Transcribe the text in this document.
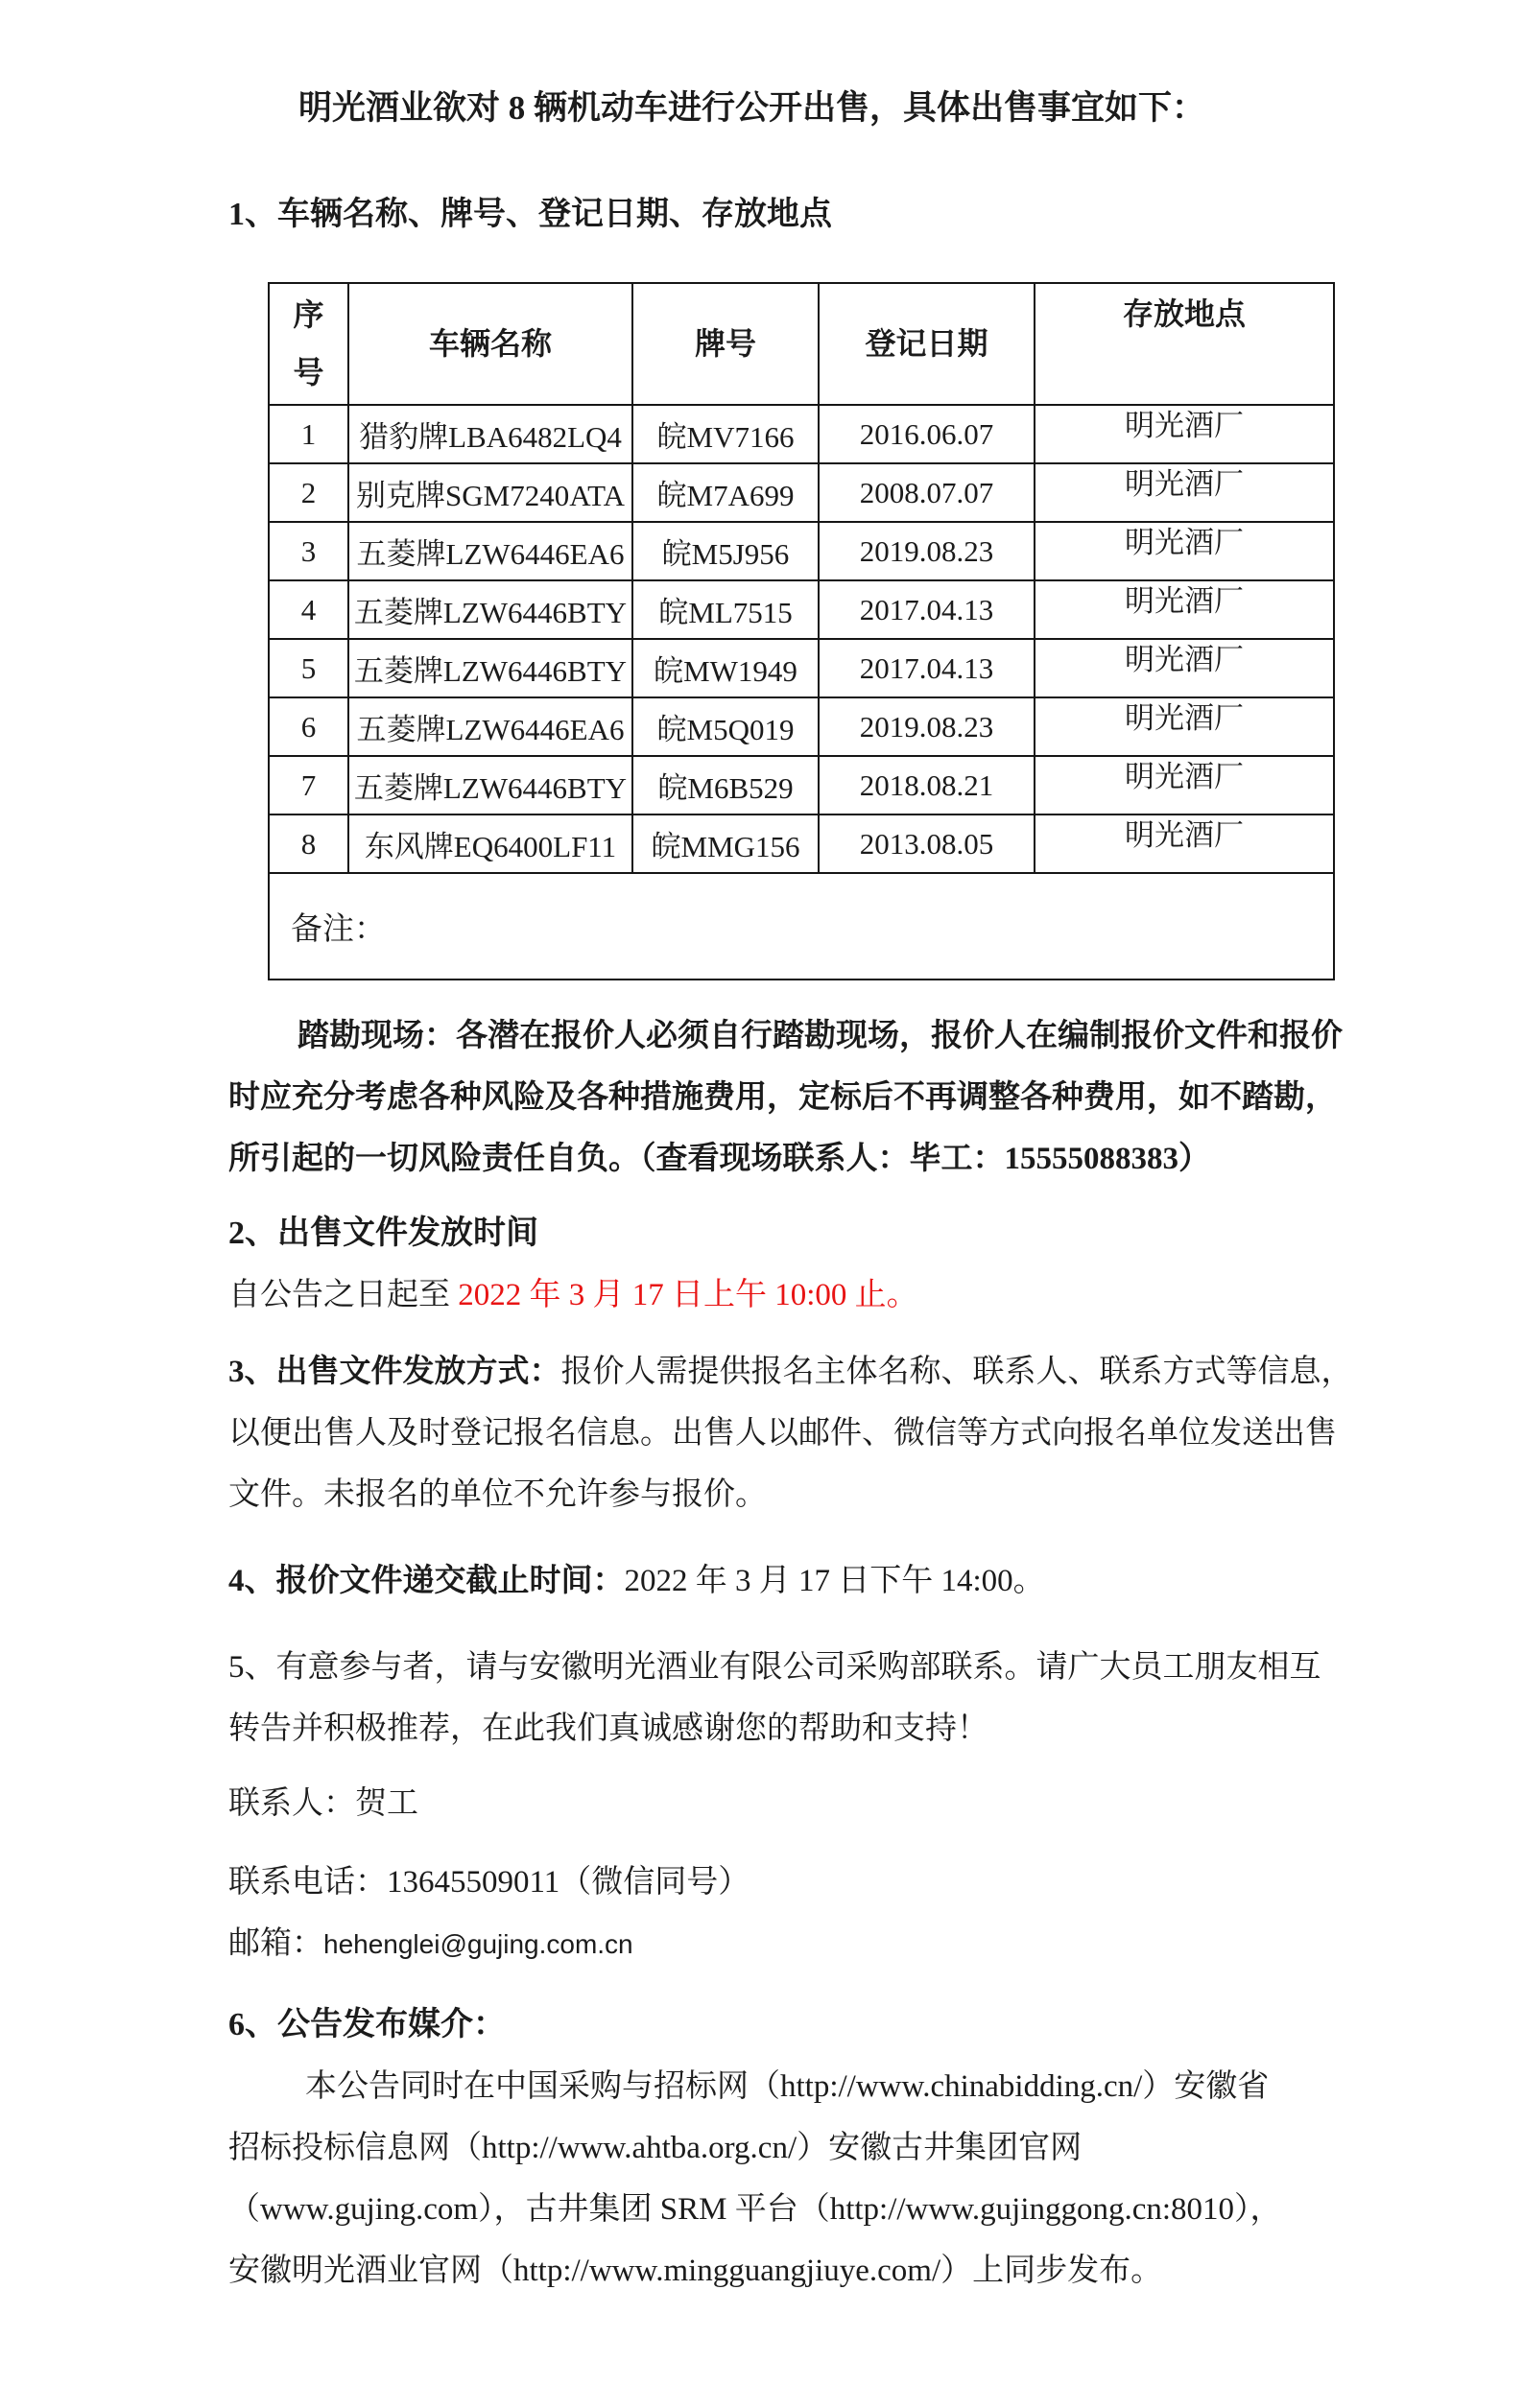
明光酒业欲对 8 辆机动车进行公开出售，具体出售事宜如下：

1、车辆名称、牌号、登记日期、存放地点
序
号	车辆名称	牌号	登记日期	存放地点
1	猎豹牌LBA6482LQ4	皖MV7166	2016.06.07	明光酒厂
2	别克牌SGM7240ATA	皖M7A699	2008.07.07	明光酒厂
3	五菱牌LZW6446EA6	皖M5J956	2019.08.23	明光酒厂
4	五菱牌LZW6446BTY	皖ML7515	2017.04.13	明光酒厂
5	五菱牌LZW6446BTY	皖MW1949	2017.04.13	明光酒厂
6	五菱牌LZW6446EA6	皖M5Q019	2019.08.23	明光酒厂
7	五菱牌LZW6446BTY	皖M6B529	2018.08.21	明光酒厂
8	东风牌EQ6400LF11	皖MMG156	2013.08.05	明光酒厂
备注：				

踏勘现场：各潜在报价人必须自行踏勘现场，报价人在编制报价文件和报价

时应充分考虑各种风险及各种措施费用，定标后不再调整各种费用，如不踏勘，

所引起的一切风险责任自负。（查看现场联系人：毕工：15555088383）

2、出售文件发放时间

自公告之日起至 2022 年 3 月 17 日上午 10:00 止。

3、出售文件发放方式：报价人需提供报名主体名称、联系人、联系方式等信息，

以便出售人及时登记报名信息。出售人以邮件、微信等方式向报名单位发送出售

文件。未报名的单位不允许参与报价。

4、报价文件递交截止时间：2022 年 3 月 17 日下午 14:00。

5、有意参与者，请与安徽明光酒业有限公司采购部联系。请广大员工朋友相互

转告并积极推荐，在此我们真诚感谢您的帮助和支持！

联系人：贺工

联系电话：13645509011（微信同号）

邮箱：hehenglei@gujing.com.cn

6、公告发布媒介：

本公告同时在中国采购与招标网（http://www.chinabidding.cn/）安徽省

招标投标信息网（http://www.ahtba.org.cn/）安徽古井集团官网

（www.gujing.com），古井集团 SRM 平台（http://www.gujinggong.cn:8010），

安徽明光酒业官网（http://www.mingguangjiuye.com/）上同步发布。
